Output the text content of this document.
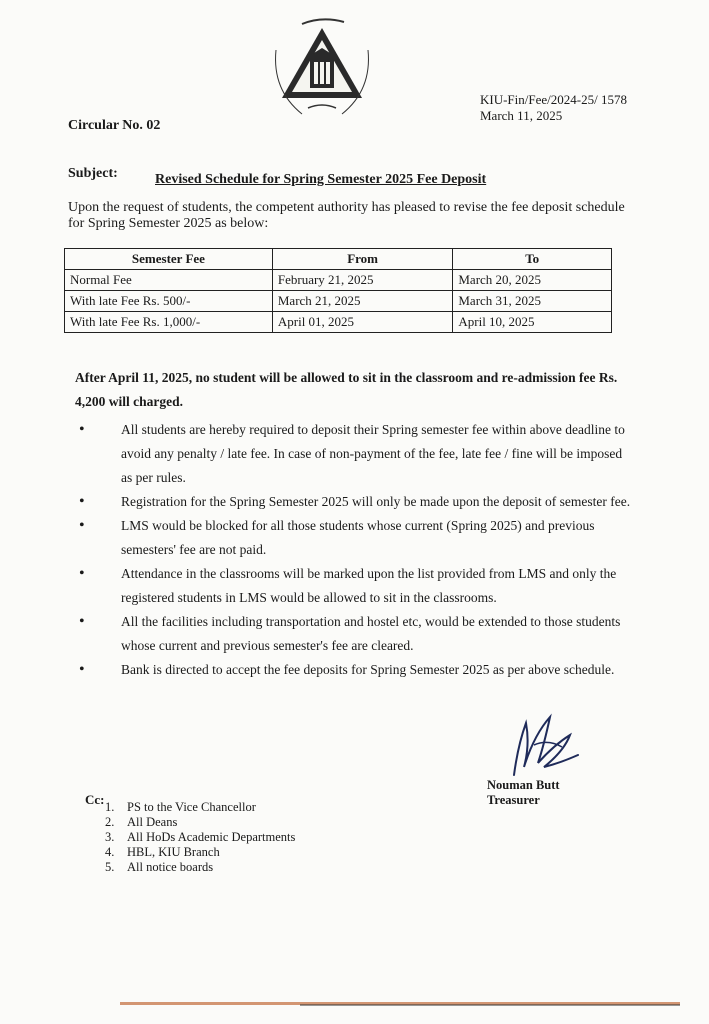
KIU-Fin/Fee/2024-25/ 1578
March 11, 2025
Circular No. 02
Subject:	Revised Schedule for Spring Semester 2025 Fee Deposit
Upon the request of students, the competent authority has pleased to revise the fee deposit schedule for Spring Semester 2025 as below:
Semester Fee	From	To
Normal Fee	February 21, 2025	March 20, 2025
With late Fee Rs. 500/-	March 21, 2025	March 31, 2025
With late Fee Rs. 1,000/-	April 01, 2025	April 10, 2025
After April 11, 2025, no student will be allowed to sit in the classroom and re-admission fee Rs. 4,200 will charged.
•	All students are hereby required to deposit their Spring semester fee within above deadline to avoid any penalty / late fee. In case of non-payment of the fee, late fee / fine will be imposed as per rules.
•	Registration for the Spring Semester 2025 will only be made upon the deposit of semester fee.
•	LMS would be blocked for all those students whose current (Spring 2025) and previous semesters' fee are not paid.
•	Attendance in the classrooms will be marked upon the list provided from LMS and only the registered students in LMS would be allowed to sit in the classrooms.
•	All the facilities including transportation and hostel etc, would be extended to those students whose current and previous semester's fee are cleared.
•	Bank is directed to accept the fee deposits for Spring Semester 2025 as per above schedule.
Nouman Butt
Treasurer
Cc: 1. PS to the Vice Chancellor
2. All Deans
3. All HoDs Academic Departments
4. HBL, KIU Branch
5. All notice boards
